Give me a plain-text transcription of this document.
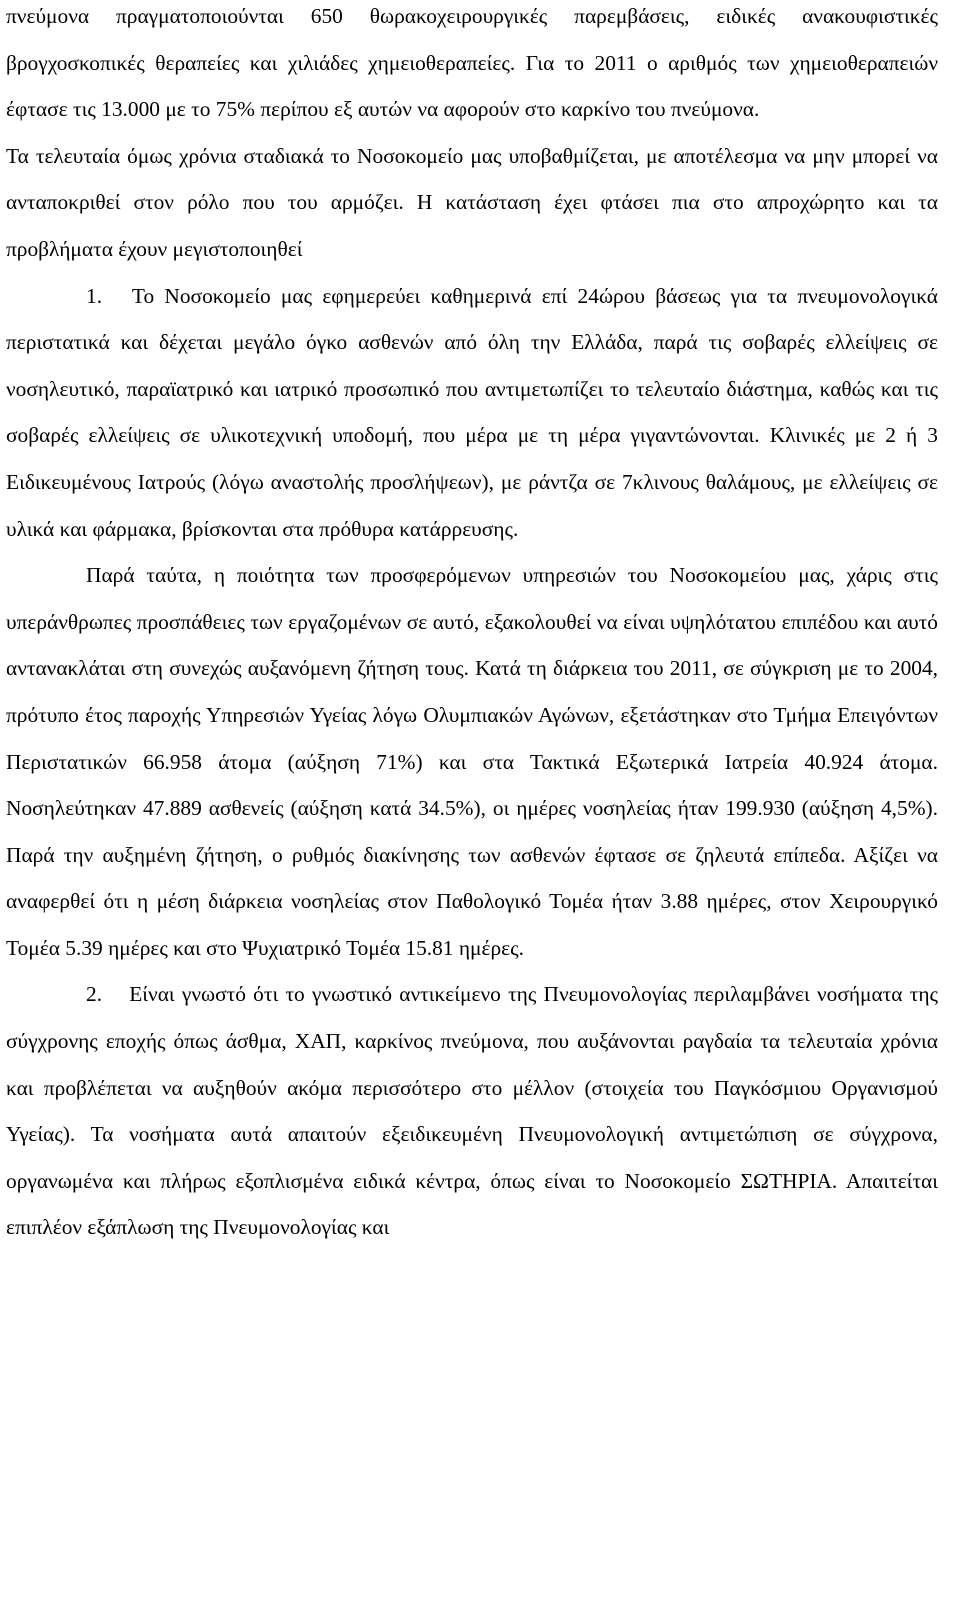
πνεύμονα πραγματοποιούνται 650 θωρακοχειρουργικές παρεμβάσεις, ειδικές ανακουφιστικές βρογχοσκοπικές θεραπείες και χιλιάδες χημειοθεραπείες. Για το 2011 ο αριθμός των χημειοθεραπειών έφτασε τις 13.000 με το 75% περίπου εξ αυτών να αφορούν στο καρκίνο του πνεύμονα.

Τα τελευταία όμως χρόνια σταδιακά το Νοσοκομείο μας υποβαθμίζεται, με αποτέλεσμα να μην μπορεί να ανταποκριθεί στον ρόλο που του αρμόζει. Η κατάσταση έχει φτάσει πια στο απροχώρητο και τα προβλήματα έχουν μεγιστοποιηθεί

1. Το Νοσοκομείο μας εφημερεύει καθημερινά επί 24ώρου βάσεως για τα πνευμονολογικά περιστατικά και δέχεται μεγάλο όγκο ασθενών από όλη την Ελλάδα, παρά τις σοβαρές ελλείψεις σε νοσηλευτικό, παραϊατρικό και ιατρικό προσωπικό που αντιμετωπίζει το τελευταίο διάστημα, καθώς και τις σοβαρές ελλείψεις σε υλικοτεχνική υποδομή, που μέρα με τη μέρα γιγαντώνονται. Κλινικές με 2 ή 3 Ειδικευμένους Ιατρούς (λόγω αναστολής προσλήψεων), με ράντζα σε 7κλινους θαλάμους, με ελλείψεις σε υλικά και φάρμακα, βρίσκονται στα πρόθυρα κατάρρευσης.

Παρά ταύτα, η ποιότητα των προσφερόμενων υπηρεσιών του Νοσοκομείου μας, χάρις στις υπεράνθρωπες προσπάθειες των εργαζομένων σε αυτό, εξακολουθεί να είναι υψηλότατου επιπέδου και αυτό αντανακλάται στη συνεχώς αυξανόμενη ζήτηση τους. Κατά τη διάρκεια του 2011, σε σύγκριση με το 2004, πρότυπο έτος παροχής Υπηρεσιών Υγείας λόγω Ολυμπιακών Αγώνων, εξετάστηκαν στο Τμήμα Επειγόντων Περιστατικών 66.958 άτομα (αύξηση 71%) και στα Τακτικά Εξωτερικά Ιατρεία 40.924 άτομα. Νοσηλεύτηκαν 47.889 ασθενείς (αύξηση κατά 34.5%), οι ημέρες νοσηλείας ήταν 199.930 (αύξηση 4,5%). Παρά την αυξημένη ζήτηση, ο ρυθμός διακίνησης των ασθενών έφτασε σε ζηλευτά επίπεδα. Αξίζει να αναφερθεί ότι η μέση διάρκεια νοσηλείας στον Παθολογικό Τομέα ήταν 3.88 ημέρες, στον Χειρουργικό Τομέα 5.39 ημέρες και στο Ψυχιατρικό Τομέα 15.81 ημέρες.

2. Είναι γνωστό ότι το γνωστικό αντικείμενο της Πνευμονολογίας περιλαμβάνει νοσήματα της σύγχρονης εποχής όπως άσθμα, ΧΑΠ, καρκίνος πνεύμονα, που αυξάνονται ραγδαία τα τελευταία χρόνια και προβλέπεται να αυξηθούν ακόμα περισσότερο στο μέλλον (στοιχεία του Παγκόσμιου Οργανισμού Υγείας). Τα νοσήματα αυτά απαιτούν εξειδικευμένη Πνευμονολογική αντιμετώπιση σε σύγχρονα, οργανωμένα και πλήρως εξοπλισμένα ειδικά κέντρα, όπως είναι το Νοσοκομείο ΣΩΤΗΡΙΑ. Απαιτείται επιπλέον εξάπλωση της Πνευμονολογίας και
